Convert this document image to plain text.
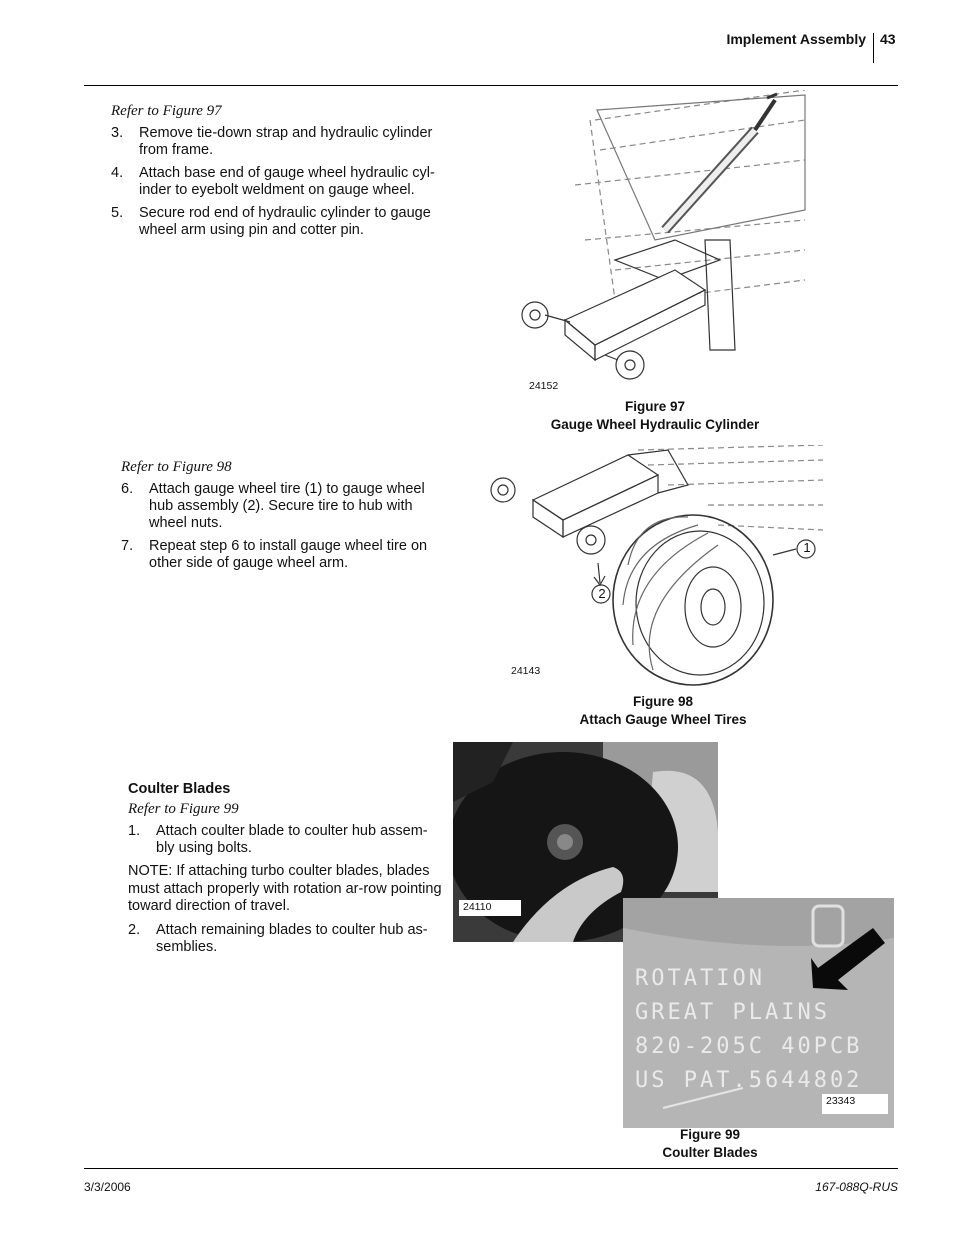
Implement Assembly 43
Refer to Figure 97
3.	Remove tie-down strap and hydraulic cylinder from frame.
4.	Attach base end of gauge wheel hydraulic cyl-inder to eyebolt weldment on gauge wheel.
5.	Secure rod end of hydraulic cylinder to gauge wheel arm using pin and cotter pin.
24152
Figure 97
Gauge Wheel Hydraulic Cylinder
Refer to Figure 98
6.	Attach gauge wheel tire (1) to gauge wheel hub assembly (2). Secure tire to hub with wheel nuts.
7.	Repeat step 6 to install gauge wheel tire on other side of gauge wheel arm.
1
2
24143
Figure 98
Attach Gauge Wheel Tires
Coulter Blades
Refer to Figure 99
1.	Attach coulter blade to coulter hub assem-bly using bolts.
NOTE: If attaching turbo coulter blades, blades must attach properly with rotation ar-row pointing toward direction of travel.
2.	Attach remaining blades to coulter hub as-semblies.
24110
ROTATION
GREAT PLAINS
820-205C 40PCB
US PAT.5644802
23343
Figure 99
Coulter Blades
3/3/2006	167-088Q-RUS
